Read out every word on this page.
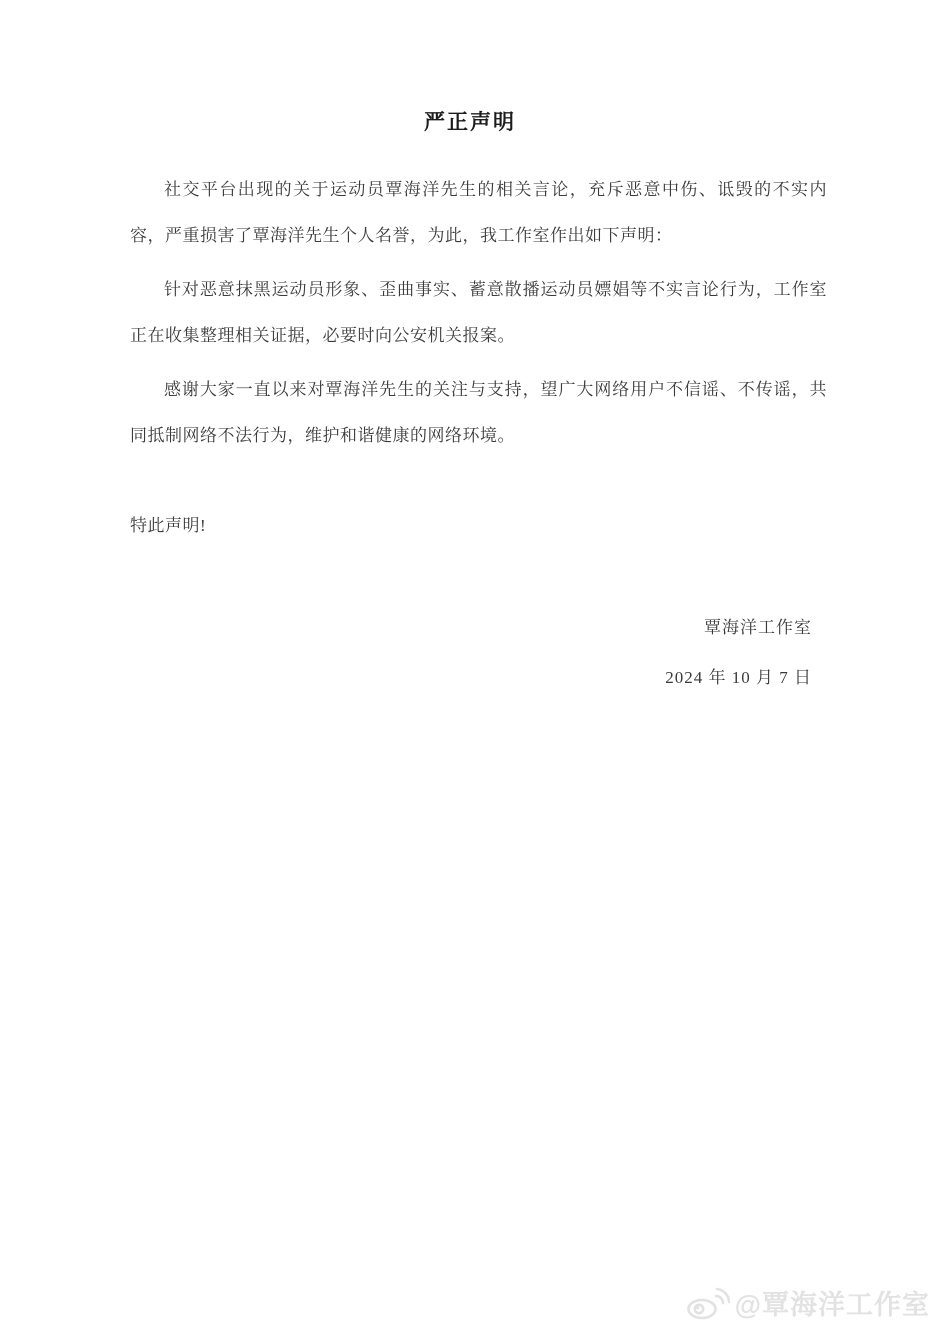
严正声明

社交平台出现的关于运动员覃海洋先生的相关言论，充斥恶意中伤、诋毁的不实内容，严重损害了覃海洋先生个人名誉，为此，我工作室作出如下声明：

针对恶意抹黑运动员形象、歪曲事实、蓄意散播运动员嫖娼等不实言论行为，工作室正在收集整理相关证据，必要时向公安机关报案。

感谢大家一直以来对覃海洋先生的关注与支持，望广大网络用户不信谣、不传谣，共同抵制网络不法行为，维护和谐健康的网络环境。

特此声明!

覃海洋工作室
2024 年 10 月 7 日
@覃海洋工作室
